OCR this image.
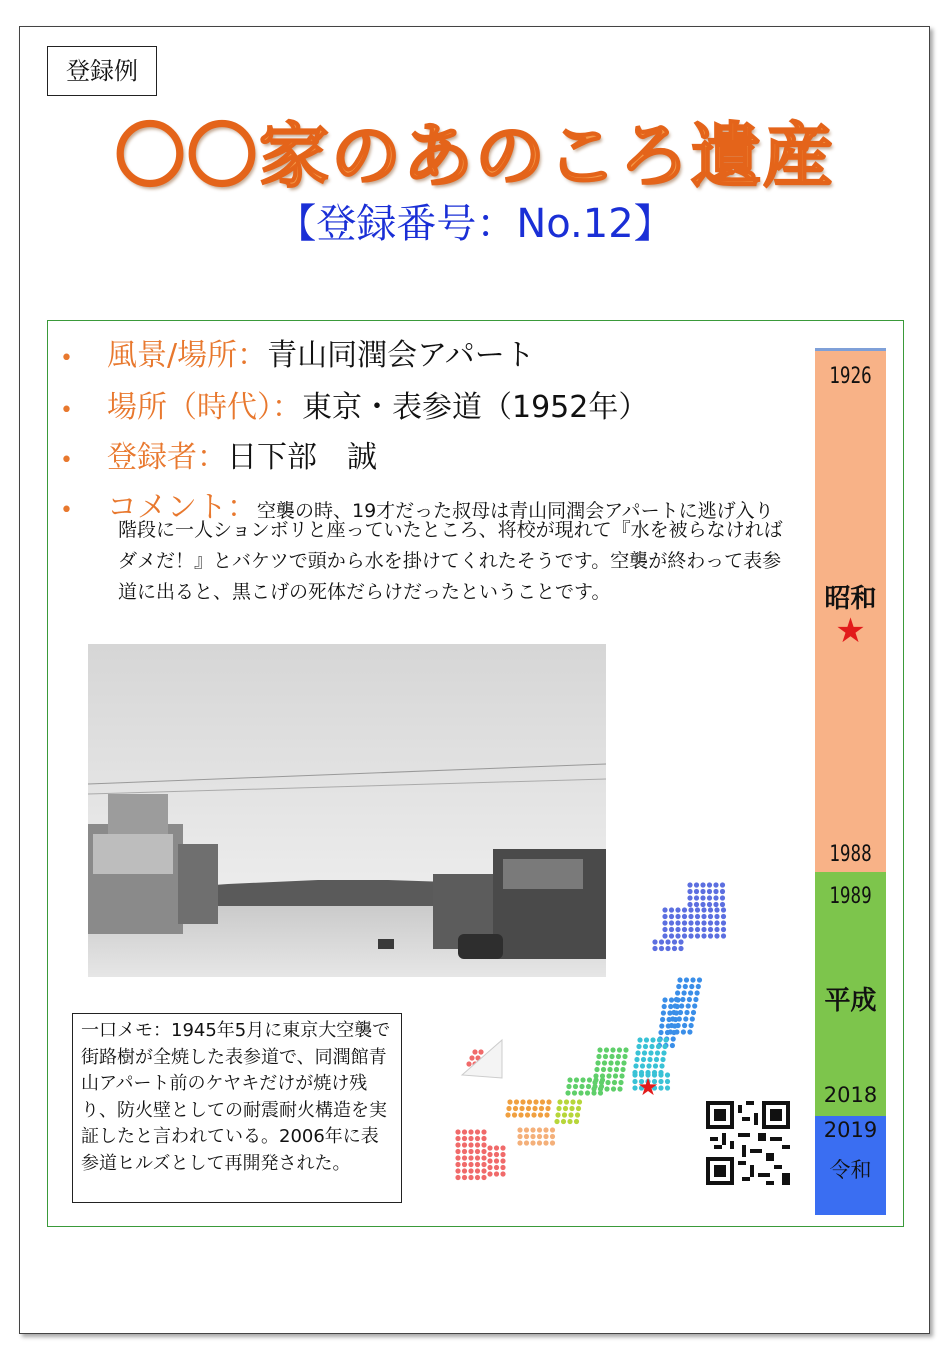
登録例
〇〇家のあのころ遺産
【登録番号：No.12】
• 風景/場所：青山同潤会アパート
• 場所（時代）：東京・表参道（1952年）
• 登録者：日下部　誠
• コメント：空襲の時、19才だった叔母は青山同潤会アパートに逃げ入り
階段に一人ションボリと座っていたところ、将校が現れて『水を被らなければダメだ！』とバケツで頭から水を掛けてくれたそうです。空襲が終わって表参道に出ると、黒こげの死体だらけだったということです。
一口メモ：1945年5月に東京大空襲で街路樹が全焼した表参道で、同潤館青山アパート前のケヤキだけが焼け残り、防火壁としての耐震耐火構造を実証したと言われている。2006年に表参道ヒルズとして再開発された。
★
1926
昭和
★
1988
1989
平成
2018
2019
令和
